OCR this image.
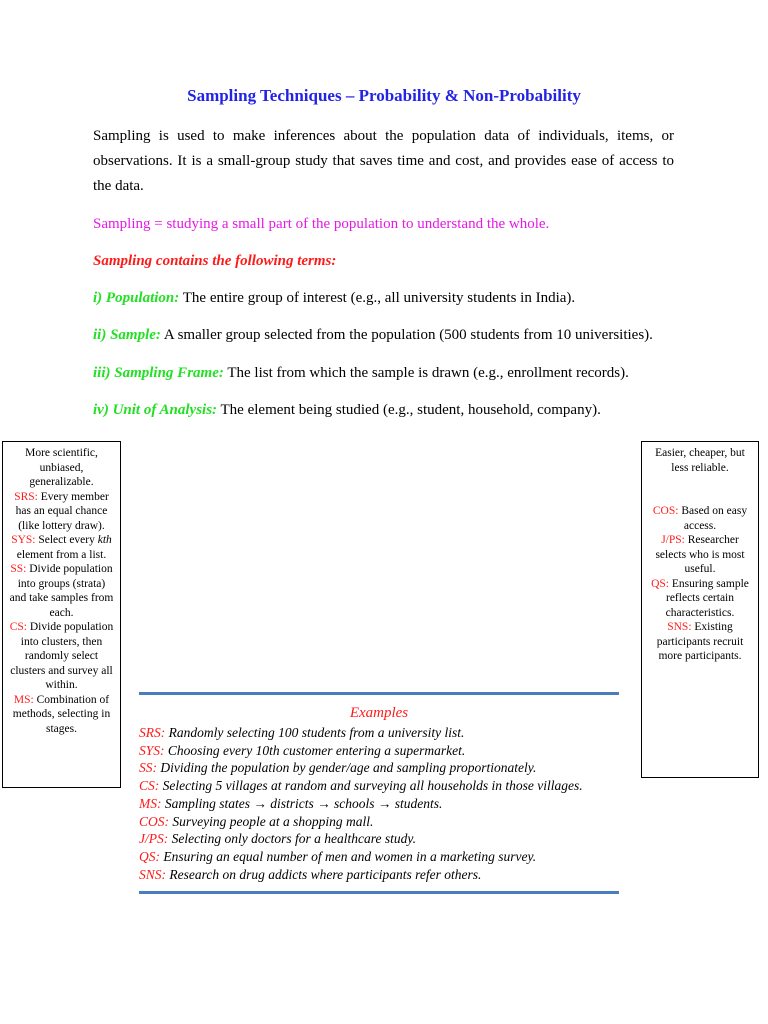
Sampling Techniques – Probability & Non-Probability
Sampling is used to make inferences about the population data of individuals, items, or observations. It is a small-group study that saves time and cost, and provides ease of access to the data.
Sampling = studying a small part of the population to understand the whole.
Sampling contains the following terms:
i) Population: The entire group of interest (e.g., all university students in India).
ii) Sample: A smaller group selected from the population (500 students from 10 universities).
iii) Sampling Frame: The list from which the sample is drawn (e.g., enrollment records).
iv) Unit of Analysis: The element being studied (e.g., student, household, company).
More scientific, unbiased, generalizable.
SRS: Every member has an equal chance (like lottery draw).
SYS: Select every kth element from a list.
SS: Divide population into groups (strata) and take samples from each.
CS: Divide population into clusters, then randomly select clusters and survey all within.
MS: Combination of methods, selecting in stages.
Easier, cheaper, but less reliable.
COS: Based on easy access.
J/PS: Researcher selects who is most useful.
QS: Ensuring sample reflects certain characteristics.
SNS: Existing participants recruit more participants.
Examples
SRS: Randomly selecting 100 students from a university list.
SYS: Choosing every 10th customer entering a supermarket.
SS: Dividing the population by gender/age and sampling proportionately.
CS: Selecting 5 villages at random and surveying all households in those villages.
MS: Sampling states → districts → schools → students.
COS: Surveying people at a shopping mall.
J/PS: Selecting only doctors for a healthcare study.
QS: Ensuring an equal number of men and women in a marketing survey.
SNS: Research on drug addicts where participants refer others.
